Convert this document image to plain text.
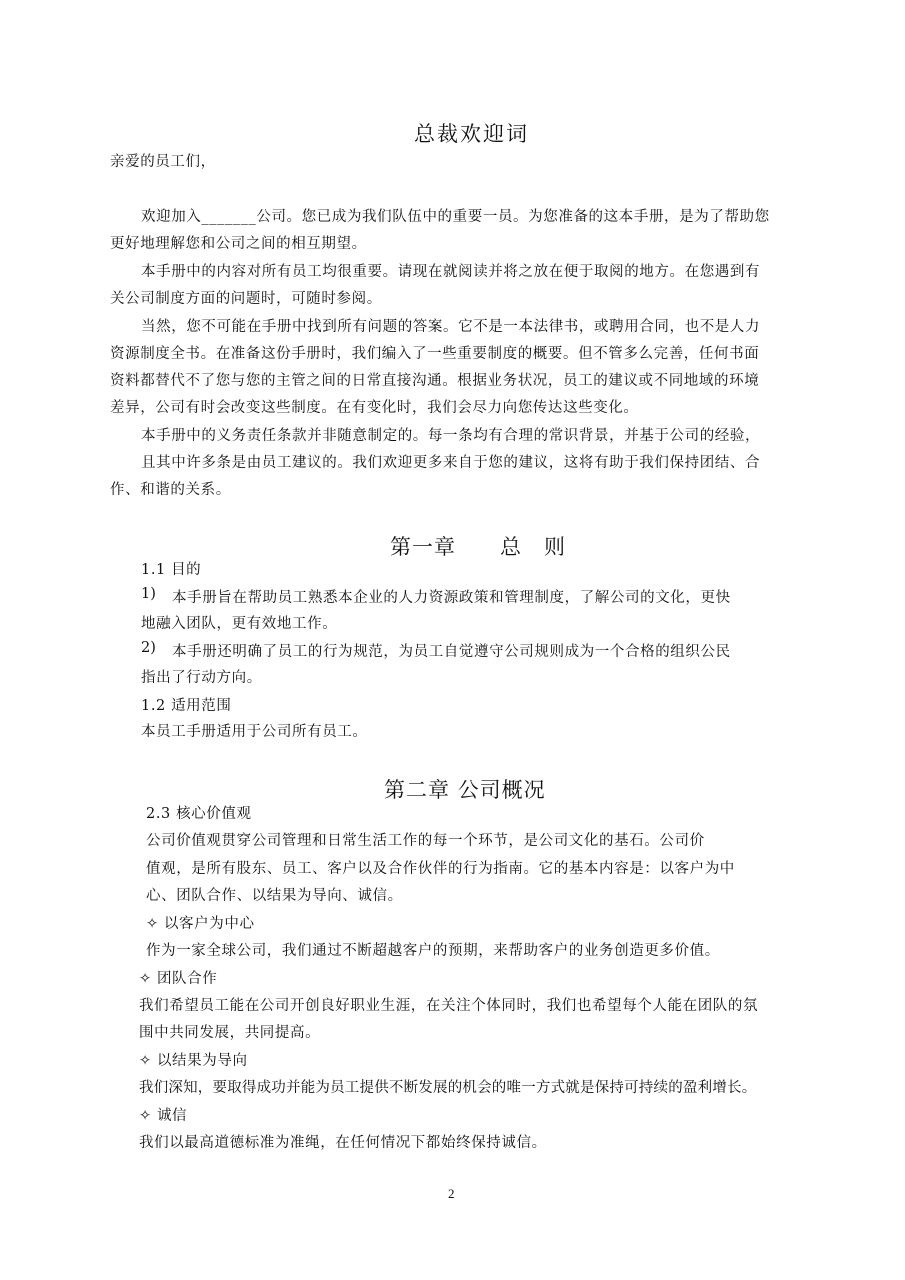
总裁欢迎词

亲爱的员工们，

欢迎加入_______公司。您已成为我们队伍中的重要一员。为您准备的这本手册，是为了帮助您

更好地理解您和公司之间的相互期望。

本手册中的内容对所有员工均很重要。请现在就阅读并将之放在便于取阅的地方。在您遇到有

关公司制度方面的问题时，可随时参阅。

当然，您不可能在手册中找到所有问题的答案。它不是一本法律书，或聘用合同，也不是人力

资源制度全书。在准备这份手册时，我们编入了一些重要制度的概要。但不管多么完善，任何书面

资料都替代不了您与您的主管之间的日常直接沟通。根据业务状况，员工的建议或不同地域的环境

差异，公司有时会改变这些制度。在有变化时，我们会尽力向您传达这些变化。

本手册中的义务责任条款并非随意制定的。每一条均有合理的常识背景，并基于公司的经验，

且其中许多条是由员工建议的。我们欢迎更多来自于您的建议，这将有助于我们保持团结、合

作、和谐的关系。

第一章　　总　则

1.1 目的

1) 本手册旨在帮助员工熟悉本企业的人力资源政策和管理制度，了解公司的文化，更快

地融入团队，更有效地工作。

2) 本手册还明确了员工的行为规范，为员工自觉遵守公司规则成为一个合格的组织公民

指出了行动方向。

1.2 适用范围

本员工手册适用于公司所有员工。

第二章 公司概况

2.3 核心价值观

公司价值观贯穿公司管理和日常生活工作的每一个环节，是公司文化的基石。公司价

值观，是所有股东、员工、客户以及合作伙伴的行为指南。它的基本内容是：以客户为中

心、团队合作、以结果为导向、诚信。

✧ 以客户为中心

作为一家全球公司，我们通过不断超越客户的预期，来帮助客户的业务创造更多价值。

✧ 团队合作

我们希望员工能在公司开创良好职业生涯，在关注个体同时，我们也希望每个人能在团队的氛

围中共同发展，共同提高。

✧ 以结果为导向

我们深知，要取得成功并能为员工提供不断发展的机会的唯一方式就是保持可持续的盈利增长。

✧ 诚信

我们以最高道德标准为准绳，在任何情况下都始终保持诚信。

2
